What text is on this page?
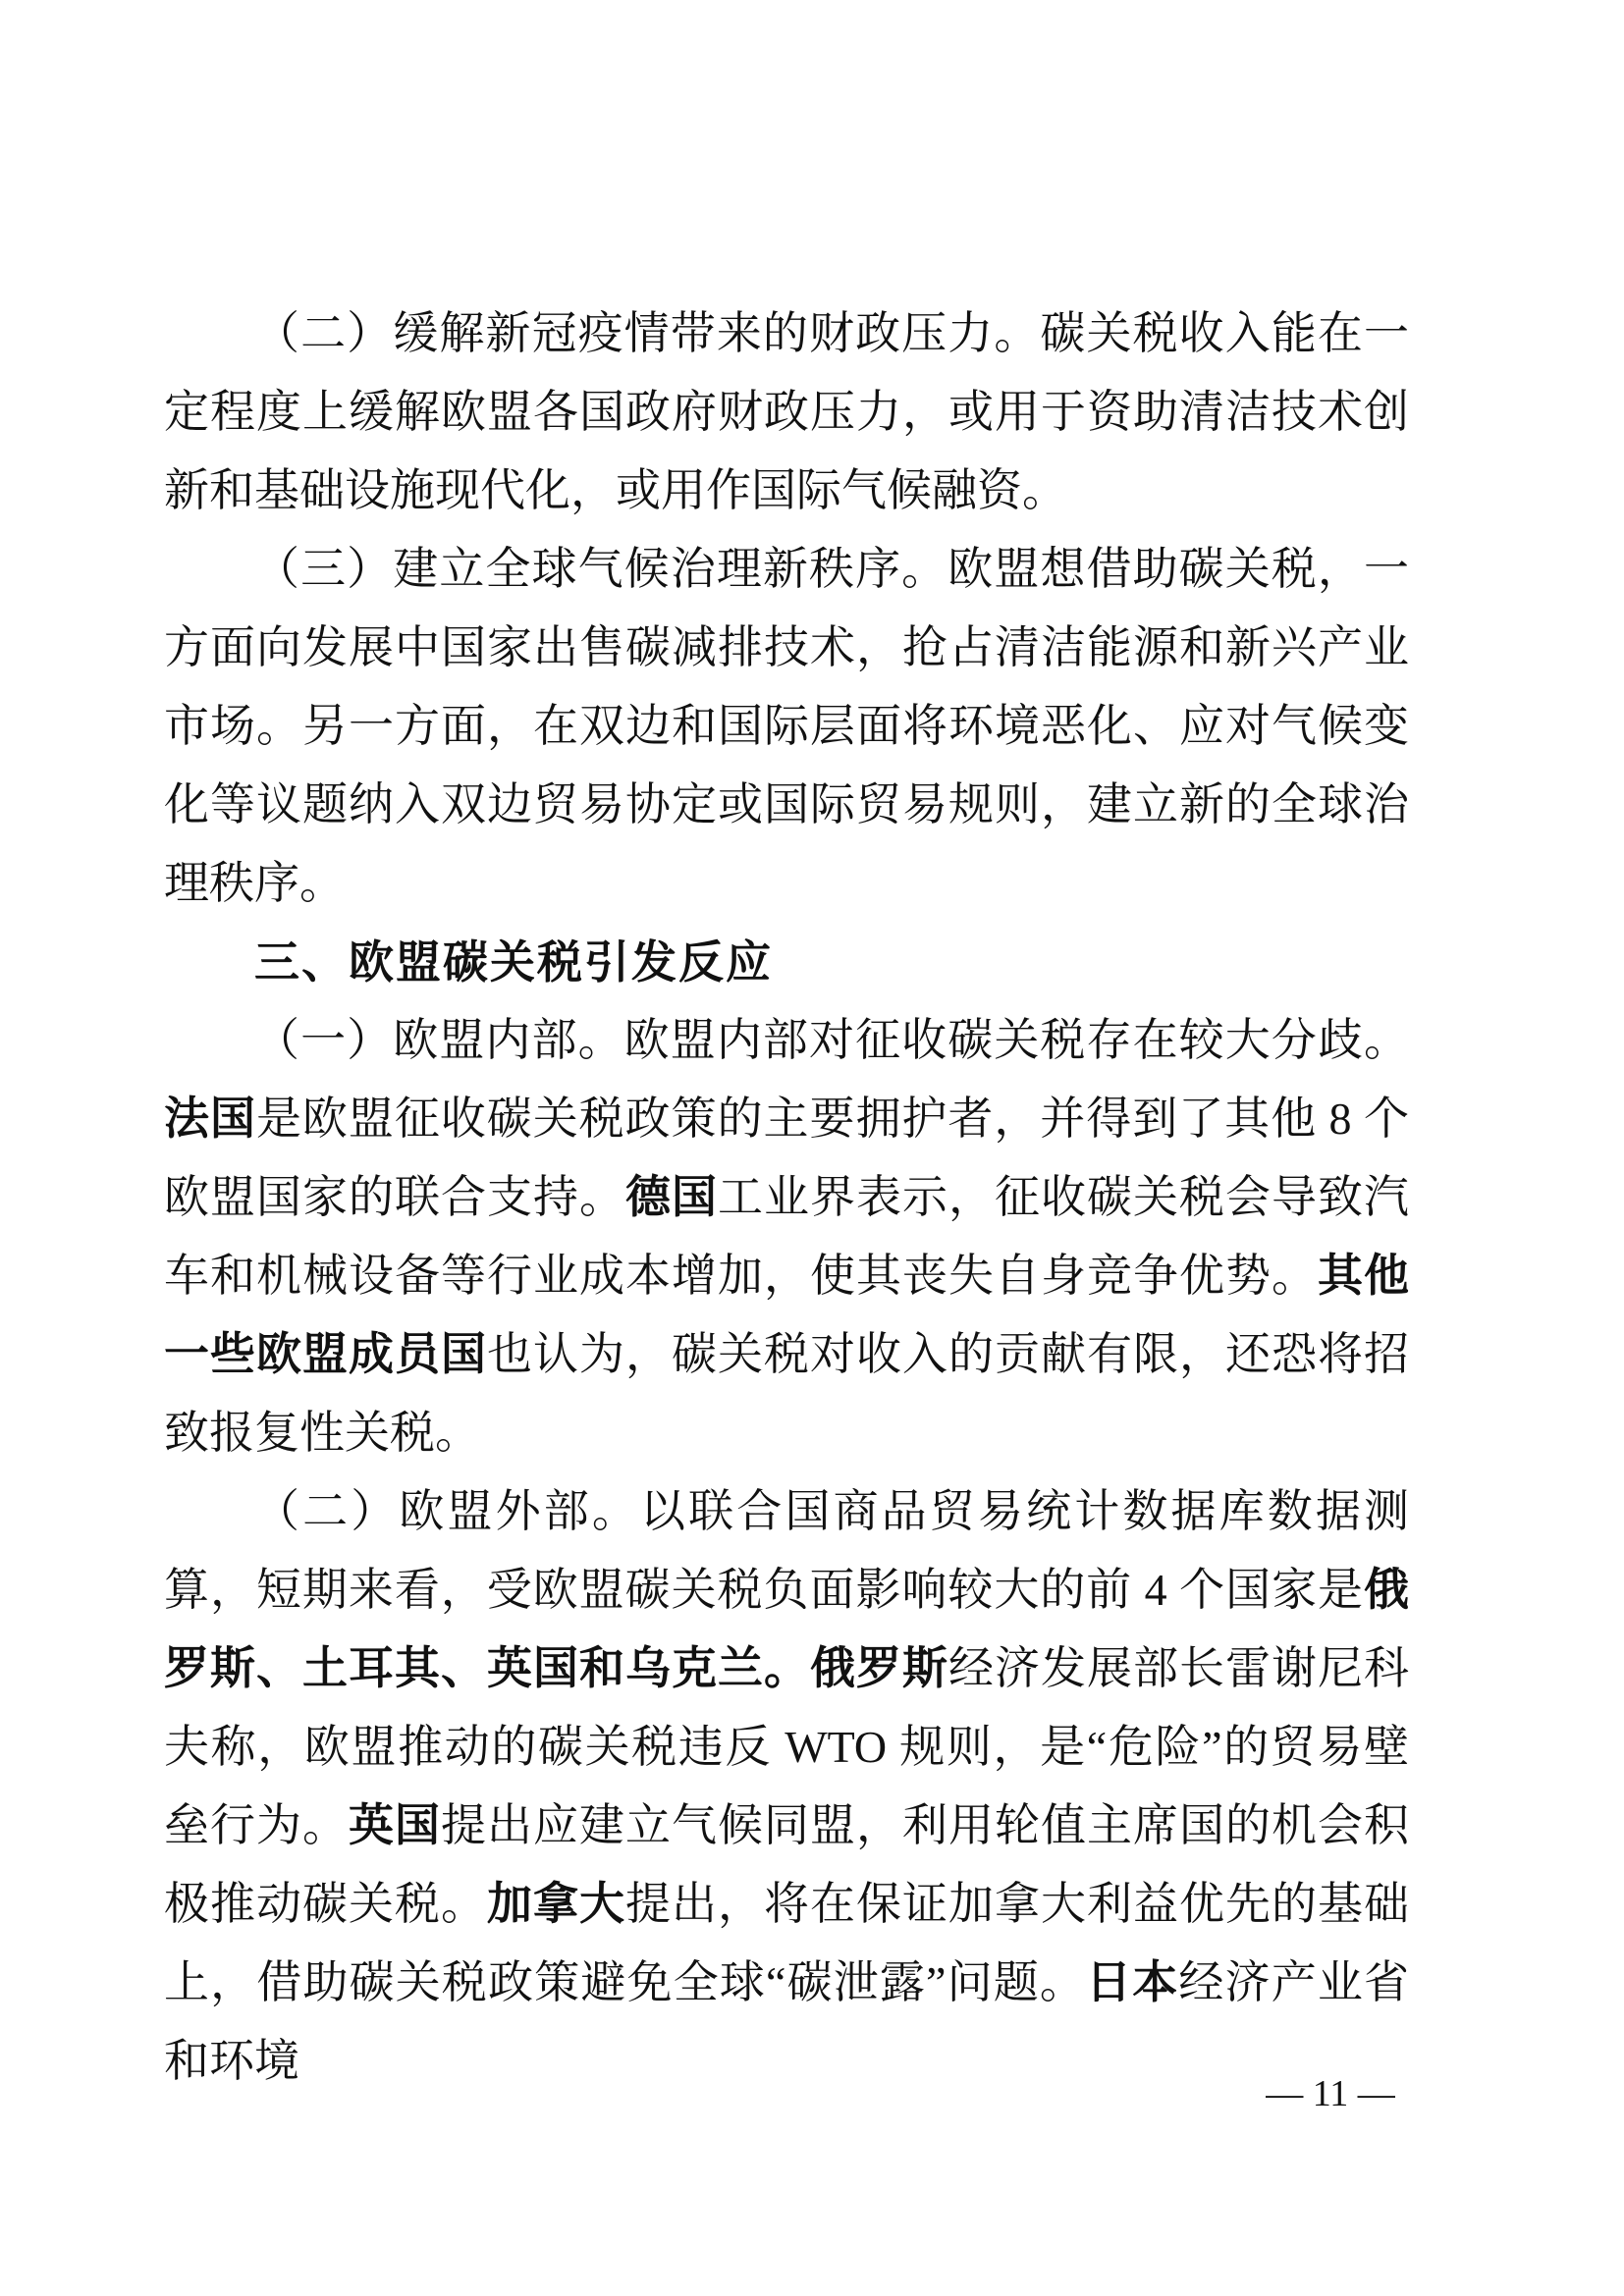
（二）缓解新冠疫情带来的财政压力。碳关税收入能在一定程度上缓解欧盟各国政府财政压力，或用于资助清洁技术创新和基础设施现代化，或用作国际气候融资。

（三）建立全球气候治理新秩序。欧盟想借助碳关税，一方面向发展中国家出售碳减排技术，抢占清洁能源和新兴产业市场。另一方面，在双边和国际层面将环境恶化、应对气候变化等议题纳入双边贸易协定或国际贸易规则，建立新的全球治理秩序。

三、欧盟碳关税引发反应

（一）欧盟内部。欧盟内部对征收碳关税存在较大分歧。法国是欧盟征收碳关税政策的主要拥护者，并得到了其他 8 个欧盟国家的联合支持。德国工业界表示，征收碳关税会导致汽车和机械设备等行业成本增加，使其丧失自身竞争优势。其他一些欧盟成员国也认为，碳关税对收入的贡献有限，还恐将招致报复性关税。

（二）欧盟外部。以联合国商品贸易统计数据库数据测算，短期来看，受欧盟碳关税负面影响较大的前 4 个国家是俄罗斯、土耳其、英国和乌克兰。俄罗斯经济发展部长雷谢尼科夫称，欧盟推动的碳关税违反 WTO 规则，是“危险”的贸易壁垒行为。英国提出应建立气候同盟，利用轮值主席国的机会积极推动碳关税。加拿大提出，将在保证加拿大利益优先的基础上，借助碳关税政策避免全球“碳泄露”问题。日本经济产业省和环境

— 11 —
